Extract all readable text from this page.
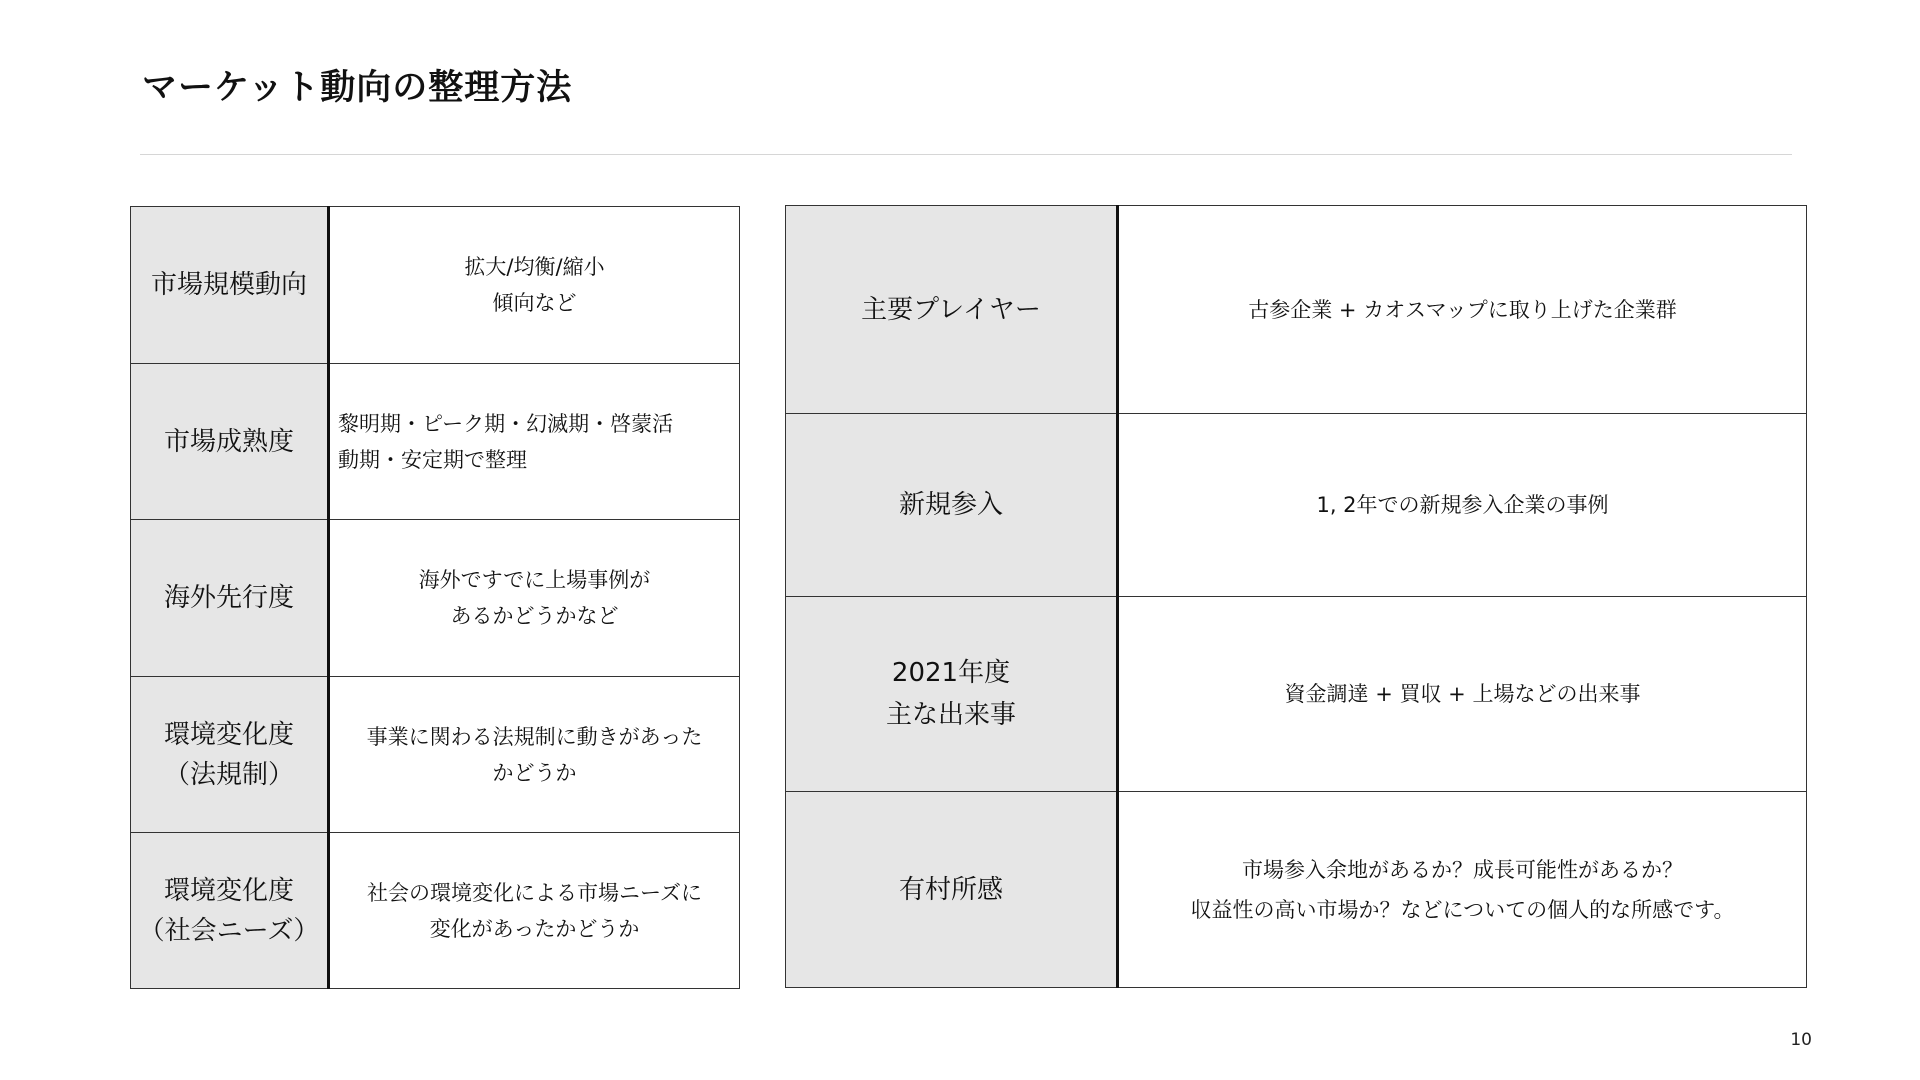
マーケット動向の整理方法
市場規模動向	拡大/均衡/縮小
傾向など

市場成熟度	黎明期・ピーク期・幻滅期・啓蒙活
動期・安定期で整理

海外先行度	海外ですでに上場事例が
あるかどうかなど

環境変化度
（法規制）	事業に関わる法規制に動きがあった
かどうか

環境変化度
（社会ニーズ）	社会の環境変化による市場ニーズに
変化があったかどうか
主要プレイヤー	古参企業 + カオスマップに取り上げた企業群

新規参入	1, 2年での新規参入企業の事例

2021年度
主な出来事	資金調達 + 買収 + 上場などの出来事

有村所感	市場参入余地があるか？成長可能性があるか？
収益性の高い市場か？などについての個人的な所感です。
10
